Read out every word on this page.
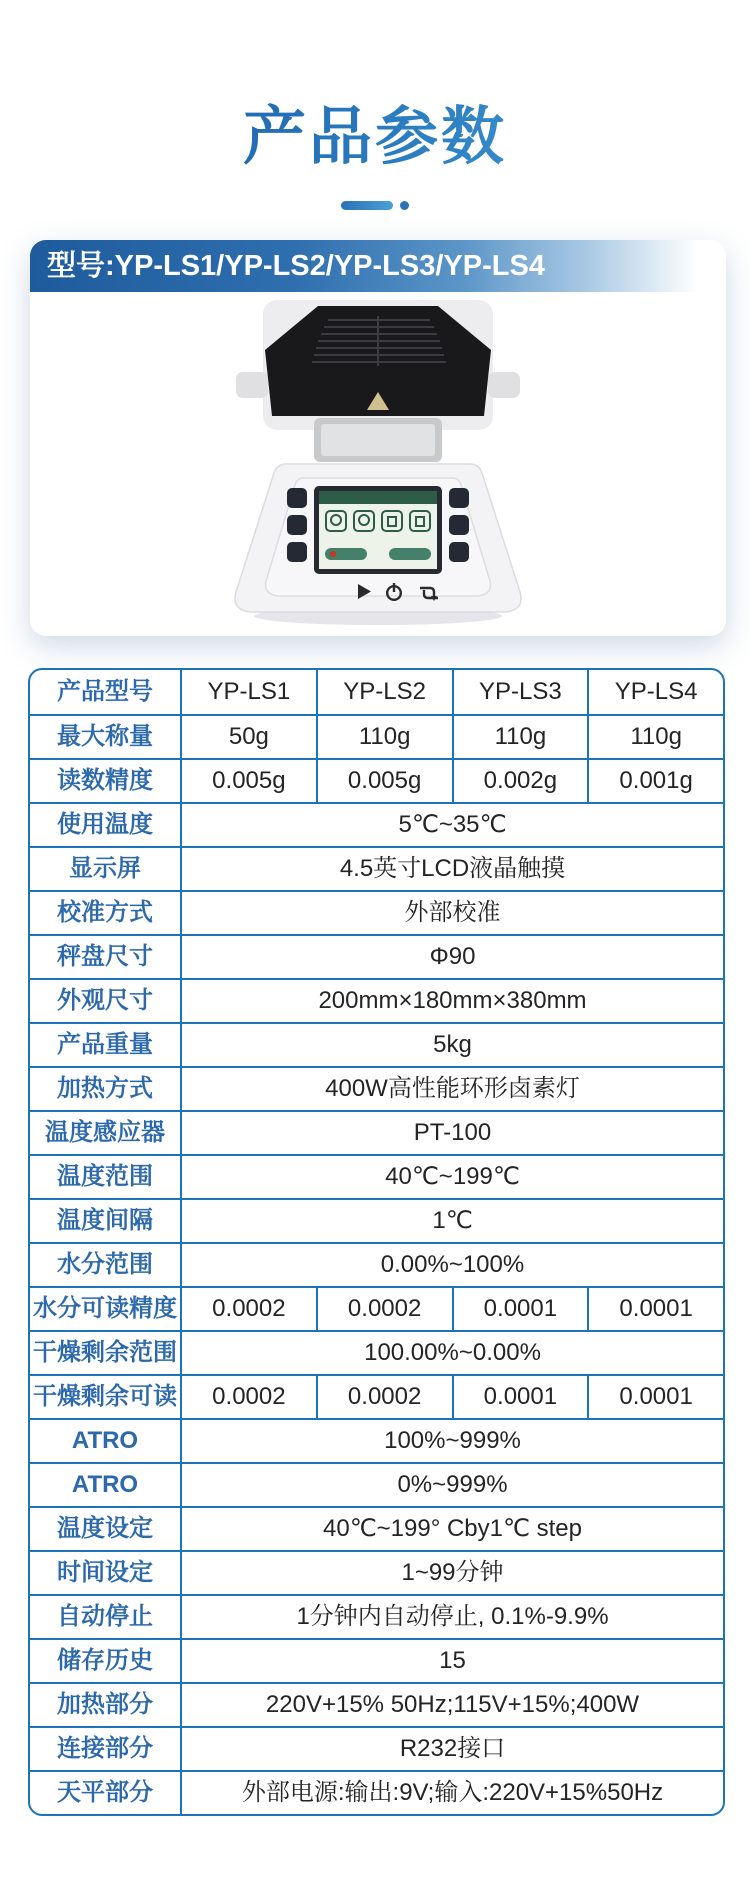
产品参数
型号:YP-LS1/YP-LS2/YP-LS3/YP-LS4
产品型号	YP-LS1	YP-LS2	YP-LS3	YP-LS4
最大称量	50g	110g	110g	110g
读数精度	0.005g	0.005g	0.002g	0.001g
使用温度	5℃~35℃
显示屏	4.5英寸LCD液晶触摸
校准方式	外部校准
秤盘尺寸	Φ90
外观尺寸	200mm×180mm×380mm
产品重量	5kg
加热方式	400W高性能环形卤素灯
温度感应器	PT-100
温度范围	40℃~199℃
温度间隔	1℃
水分范围	0.00%~100%
水分可读精度	0.0002	0.0002	0.0001	0.0001
干燥剩余范围	100.00%~0.00%
干燥剩余可读	0.0002	0.0002	0.0001	0.0001
ATRO	100%~999%
ATRO	0%~999%
温度设定	40℃~199° Cby1℃ step
时间设定	1~99分钟
自动停止	1分钟内自动停止, 0.1%-9.9%
储存历史	15
加热部分	220V+15% 50Hz;115V+15%;400W
连接部分	R232接口
天平部分	外部电源:输出:9V;输入:220V+15%50Hz
